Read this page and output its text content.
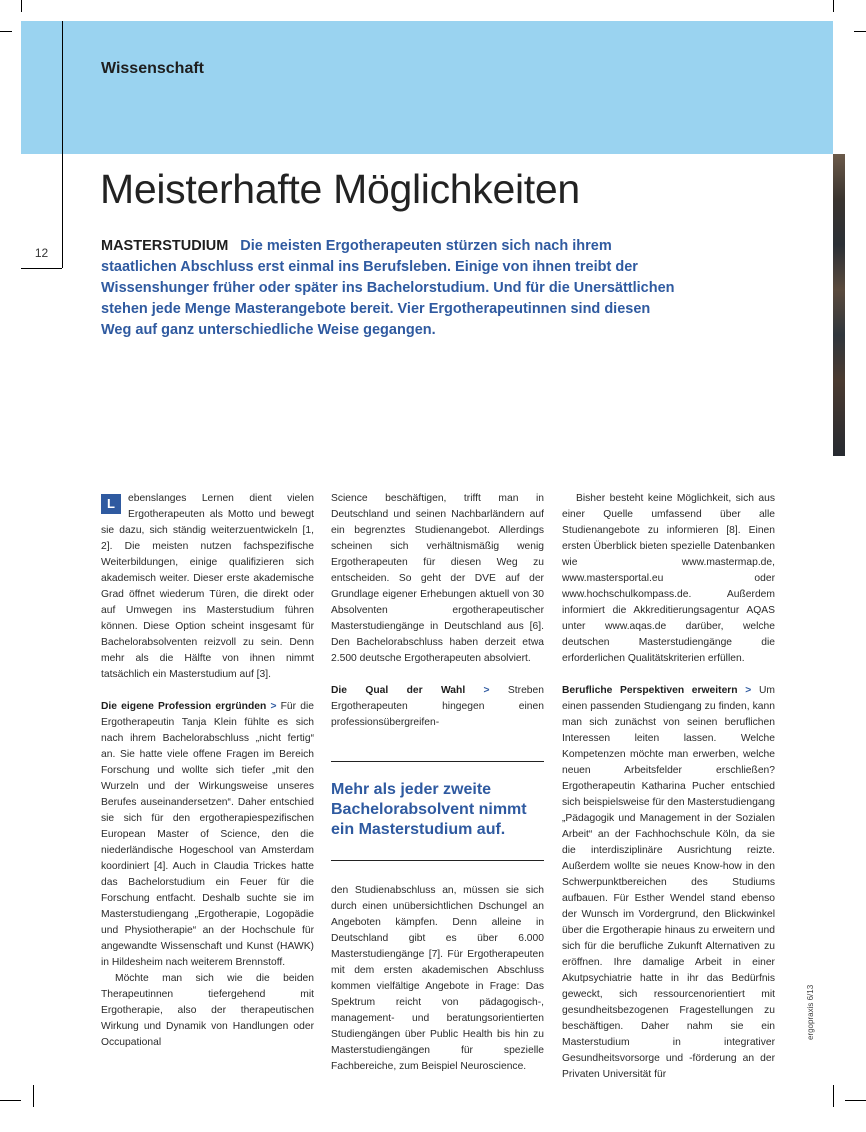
12
Wissenschaft
Meisterhafte Möglichkeiten

MASTERSTUDIUM Die meisten Ergotherapeuten stürzen sich nach ihrem staatlichen Abschluss erst einmal ins Berufsleben. Einige von ihnen treibt der Wissenshunger früher oder später ins Bachelorstudium. Und für die Unersättlichen stehen jede Menge Masterangebote bereit. Vier Ergotherapeutinnen sind diesen Weg auf ganz unterschiedliche Weise gegangen.

L	ebenslanges Lernen dient vielen Ergotherapeuten als Motto und bewegt sie dazu, sich ständig weiterzuentwickeln [1, 2]. Die meisten nutzen fachspezifische Weiterbildungen, einige qualifizieren sich akademisch weiter. Dieser erste akademische Grad öffnet wiederum Türen, die direkt oder auf Umwegen ins Masterstudium führen können. Diese Option scheint insgesamt für Bachelorabsolventen reizvoll zu sein. Denn mehr als die Hälfte von ihnen nimmt tatsächlich ein Masterstudium auf [3].

Die eigene Profession ergründen > Für die Ergotherapeutin Tanja Klein fühlte es sich nach ihrem Bachelorabschluss „nicht fertig“ an. Sie hatte viele offene Fragen im Bereich Forschung und wollte sich tiefer „mit den Wurzeln und der Wirkungsweise unseres Berufes auseinandersetzen“. Daher entschied sie sich für den ergotherapiespezifischen European Master of Science, den die niederländische Hogeschool van Amsterdam koordiniert [4]. Auch in Claudia Trickes hatte das Bachelorstudium ein Feuer für die Forschung entfacht. Deshalb suchte sie im Masterstudiengang „Ergotherapie, Logopädie und Physiotherapie“ an der Hochschule für angewandte Wissenschaft und Kunst (HAWK) in Hildesheim nach weiterem Brennstoff.

Möchte man sich wie die beiden Therapeutinnen tiefergehend mit Ergotherapie, also der therapeutischen Wirkung und Dynamik von Handlungen oder Occupational

Science beschäftigen, trifft man in Deutschland und seinen Nachbarländern auf ein begrenztes Studienangebot. Allerdings scheinen sich verhältnismäßig wenig Ergotherapeuten für diesen Weg zu entscheiden. So geht der DVE auf der Grundlage eigener Erhebungen aktuell von 30 Absolventen ergotherapeutischer Masterstudiengänge in Deutschland aus [6]. Den Bachelorabschluss haben derzeit etwa 2.500 deutsche Ergotherapeuten absolviert.

Die Qual der Wahl > Streben Ergotherapeuten hingegen einen professionsübergreifen-

Mehr als jeder zweite Bachelorabsolvent nimmt ein Masterstudium auf.

den Studienabschluss an, müssen sie sich durch einen unübersichtlichen Dschungel an Angeboten kämpfen. Denn alleine in Deutschland gibt es über 6.000 Masterstudiengänge [7]. Für Ergotherapeuten mit dem ersten akademischen Abschluss kommen vielfältige Angebote in Frage: Das Spektrum reicht von pädagogisch-, management- und beratungsorientierten Studiengängen über Public Health bis hin zu Masterstudiengängen für spezielle Fachbereiche, zum Beispiel Neuroscience.

Bisher besteht keine Möglichkeit, sich aus einer Quelle umfassend über alle Studienangebote zu informieren [8]. Einen ersten Überblick bieten spezielle Datenbanken wie www.mastermap.de, www.mastersportal.eu oder www.hochschulkompass.de. Außerdem informiert die Akkreditierungsagentur AQAS unter www.aqas.de darüber, welche deutschen Masterstudiengänge die erforderlichen Qualitätskriterien erfüllen.

Berufliche Perspektiven erweitern > Um einen passenden Studiengang zu finden, kann man sich zunächst von seinen beruflichen Interessen leiten lassen. Welche Kompetenzen möchte man erwerben, welche neuen Arbeitsfelder erschließen? Ergotherapeutin Katharina Pucher entschied sich beispielsweise für den Masterstudiengang „Pädagogik und Management in der Sozialen Arbeit“ an der Fachhochschule Köln, da sie die interdisziplinäre Ausrichtung reizte. Außerdem wollte sie neues Know-how in den Schwerpunktbereichen des Studiums aufbauen. Für Esther Wendel stand ebenso der Wunsch im Vordergrund, den Blickwinkel über die Ergotherapie hinaus zu erweitern und sich für die berufliche Zukunft Alternativen zu eröffnen. Ihre damalige Arbeit in einer Akutpsychiatrie hatte in ihr das Bedürfnis geweckt, sich ressourcenorientiert mit gesundheitsbezogenen Fragestellungen zu beschäftigen. Daher nahm sie ein Masterstudium in integrativer Gesundheitsvorsorge und -förderung an der Privaten Universität für

ergopraxis 6/13
